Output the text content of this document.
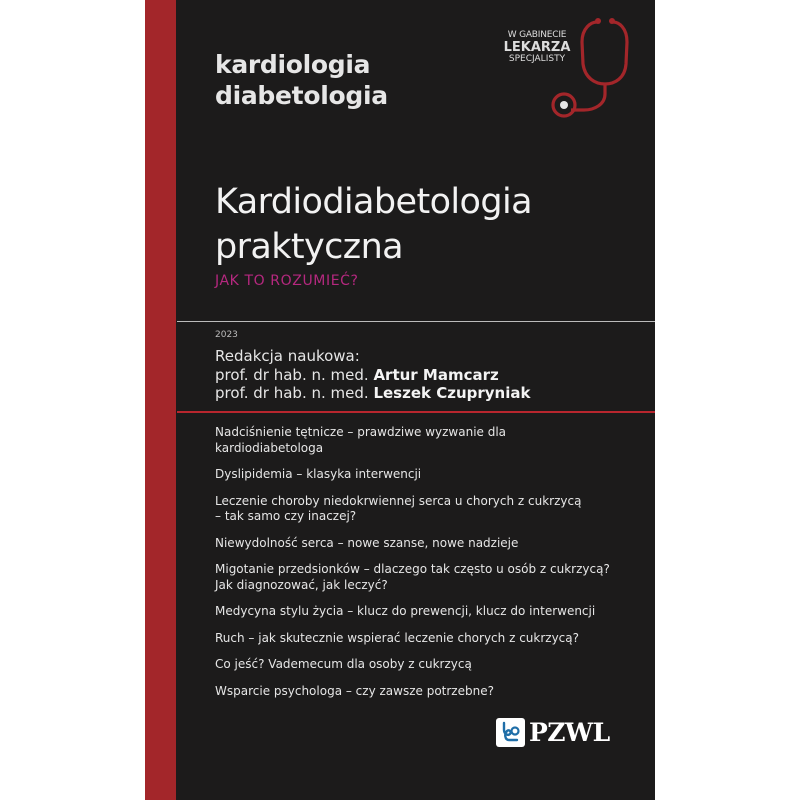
kardiologia
diabetologia
W GABINECIE
LEKARZA
SPECJALISTY
Kardiodiabetologia
praktyczna
JAK TO ROZUMIEĆ?
2023
Redakcja naukowa:
prof. dr hab. n. med. Artur Mamcarz
prof. dr hab. n. med. Leszek Czupryniak
Nadciśnienie tętnicze – prawdziwe wyzwanie dla
kardiodiabetologa
Dyslipidemia – klasyka interwencji
Leczenie choroby niedokrwiennej serca u chorych z cukrzycą
– tak samo czy inaczej?
Niewydolność serca – nowe szanse, nowe nadzieje
Migotanie przedsionków – dlaczego tak często u osób z cukrzycą?
Jak diagnozować, jak leczyć?
Medycyna stylu życia – klucz do prewencji, klucz do interwencji
Ruch – jak skutecznie wspierać leczenie chorych z cukrzycą?
Co jeść? Vademecum dla osoby z cukrzycą
Wsparcie psychologa – czy zawsze potrzebne?
PZWL
